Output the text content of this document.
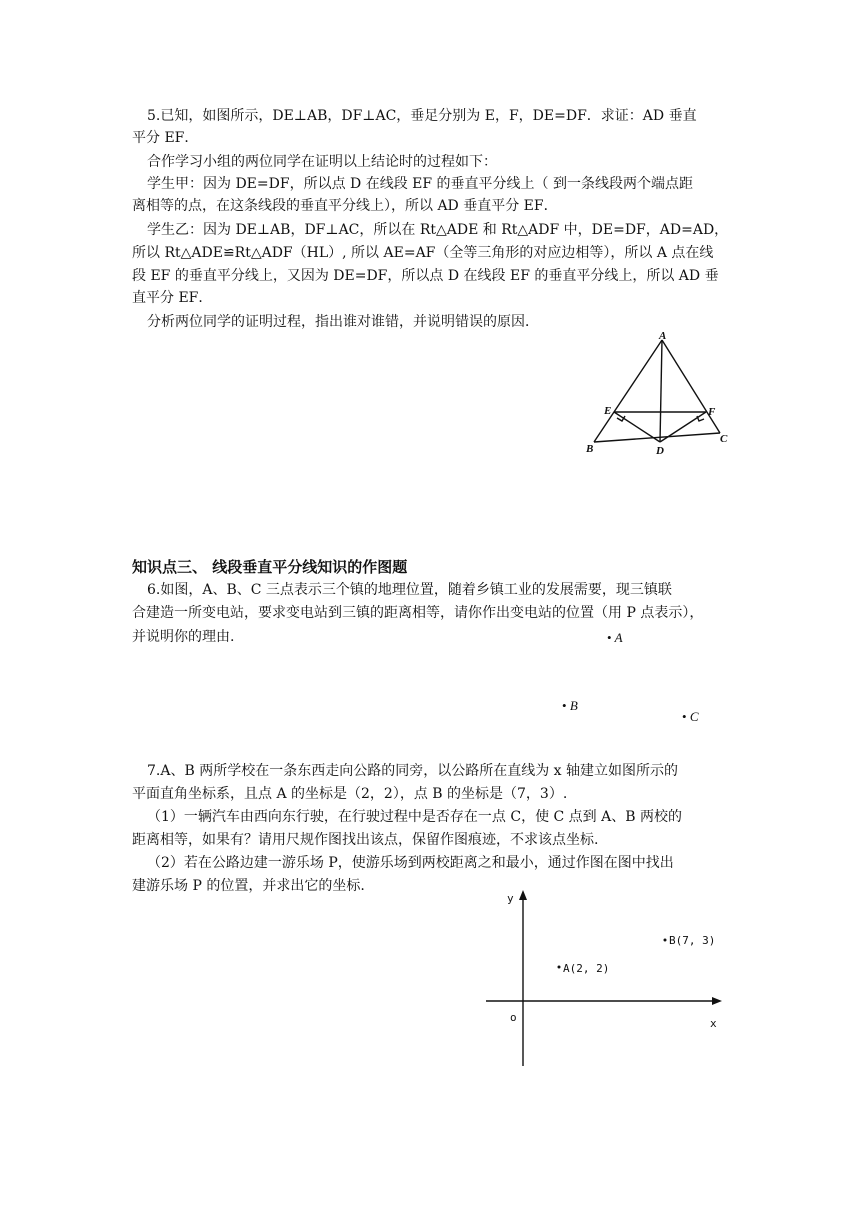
5.已知，如图所示，DE⊥AB，DF⊥AC，垂足分别为 E，F，DE=DF．求证：AD 垂直
平分 EF．
合作学习小组的两位同学在证明以上结论时的过程如下：
学生甲：因为 DE=DF，所以点 D 在线段 EF 的垂直平分线上（ 到一条线段两个端点距
离相等的点，在这条线段的垂直平分线上），所以 AD 垂直平分 EF．
学生乙：因为 DE⊥AB，DF⊥AC，所以在 Rt△ADE 和 Rt△ADF 中，DE=DF，AD=AD，
所以 Rt△ADE≌Rt△ADF（HL）, 所以 AE=AF（全等三角形的对应边相等），所以 A 点在线
段 EF 的垂直平分线上，又因为 DE=DF，所以点 D 在线段 EF 的垂直平分线上，所以 AD 垂
直平分 EF．
分析两位同学的证明过程，指出谁对谁错，并说明错误的原因．
A
E	F
B	D
C
知识点三、 线段垂直平分线知识的作图题
6.如图，A、B、C 三点表示三个镇的地理位置，随着乡镇工业的发展需要，现三镇联
合建造一所变电站，要求变电站到三镇的距离相等，请你作出变电站的位置（用 P 点表示），
并说明你的理由.	• A
• B
• C
7.A、B 两所学校在一条东西走向公路的同旁，以公路所在直线为 x 轴建立如图所示的
平面直角坐标系，且点 A 的坐标是（2，2），点 B 的坐标是（7，3）.
（1）一辆汽车由西向东行驶，在行驶过程中是否存在一点 C，使 C 点到 A、B 两校的
距离相等，如果有？请用尺规作图找出该点，保留作图痕迹，不求该点坐标.
（2）若在公路边建一游乐场 P，使游乐场到两校距离之和最小，通过作图在图中找出
建游乐场 P 的位置，并求出它的坐标.
y
x
o
A(2, 2)
B(7, 3)
